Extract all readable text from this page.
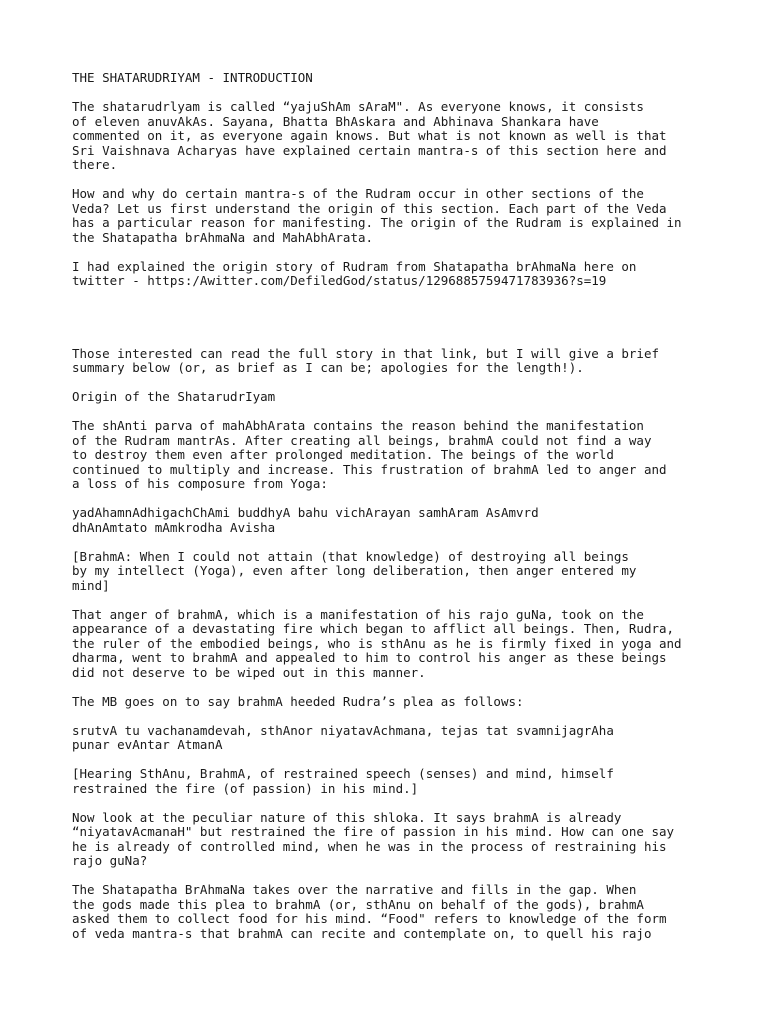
THE SHATARUDRIYAM - INTRODUCTION
The shatarudrlyam is called “yajuShAm sAraM". As everyone knows, it consists
of eleven anuvAkAs. Sayana, Bhatta BhAskara and Abhinava Shankara have
commented on it, as everyone again knows. But what is not known as well is that
Sri Vaishnava Acharyas have explained certain mantra-s of this section here and
there.
How and why do certain mantra-s of the Rudram occur in other sections of the
Veda? Let us first understand the origin of this section. Each part of the Veda
has a particular reason for manifesting. The origin of the Rudram is explained in
the Shatapatha brAhmaNa and MahAbhArata.
I had explained the origin story of Rudram from Shatapatha brAhmaNa here on
twitter - https:/Awitter.com/DefiledGod/status/1296885759471783936?s=19
Those interested can read the full story in that link, but I will give a brief
summary below (or, as brief as I can be; apologies for the length!).
Origin of the ShatarudrIyam
The shAnti parva of mahAbhArata contains the reason behind the manifestation
of the Rudram mantrAs. After creating all beings, brahmA could not find a way
to destroy them even after prolonged meditation. The beings of the world
continued to multiply and increase. This frustration of brahmA led to anger and
a loss of his composure from Yoga:
yadAhamnAdhigachChAmi buddhyA bahu vichArayan samhAram AsAmvrd
dhAnAmtato mAmkrodha Avisha
[BrahmA: When I could not attain (that knowledge) of destroying all beings
by my intellect (Yoga), even after long deliberation, then anger entered my
mind]
That anger of brahmA, which is a manifestation of his rajo guNa, took on the
appearance of a devastating fire which began to afflict all beings. Then, Rudra,
the ruler of the embodied beings, who is sthAnu as he is firmly fixed in yoga and
dharma, went to brahmA and appealed to him to control his anger as these beings
did not deserve to be wiped out in this manner.
The MB goes on to say brahmA heeded Rudra’s plea as follows:
srutvA tu vachanamdevah, sthAnor niyatavAchmana, tejas tat svamnijagrAha
punar evAntar AtmanA
[Hearing SthAnu, BrahmA, of restrained speech (senses) and mind, himself
restrained the fire (of passion) in his mind.]
Now look at the peculiar nature of this shloka. It says brahmA is already
“niyatavAcmanaH" but restrained the fire of passion in his mind. How can one say
he is already of controlled mind, when he was in the process of restraining his
rajo guNa?
The Shatapatha BrAhmaNa takes over the narrative and fills in the gap. When
the gods made this plea to brahmA (or, sthAnu on behalf of the gods), brahmA
asked them to collect food for his mind. “Food" refers to knowledge of the form
of veda mantra-s that brahmA can recite and contemplate on, to quell his rajo
